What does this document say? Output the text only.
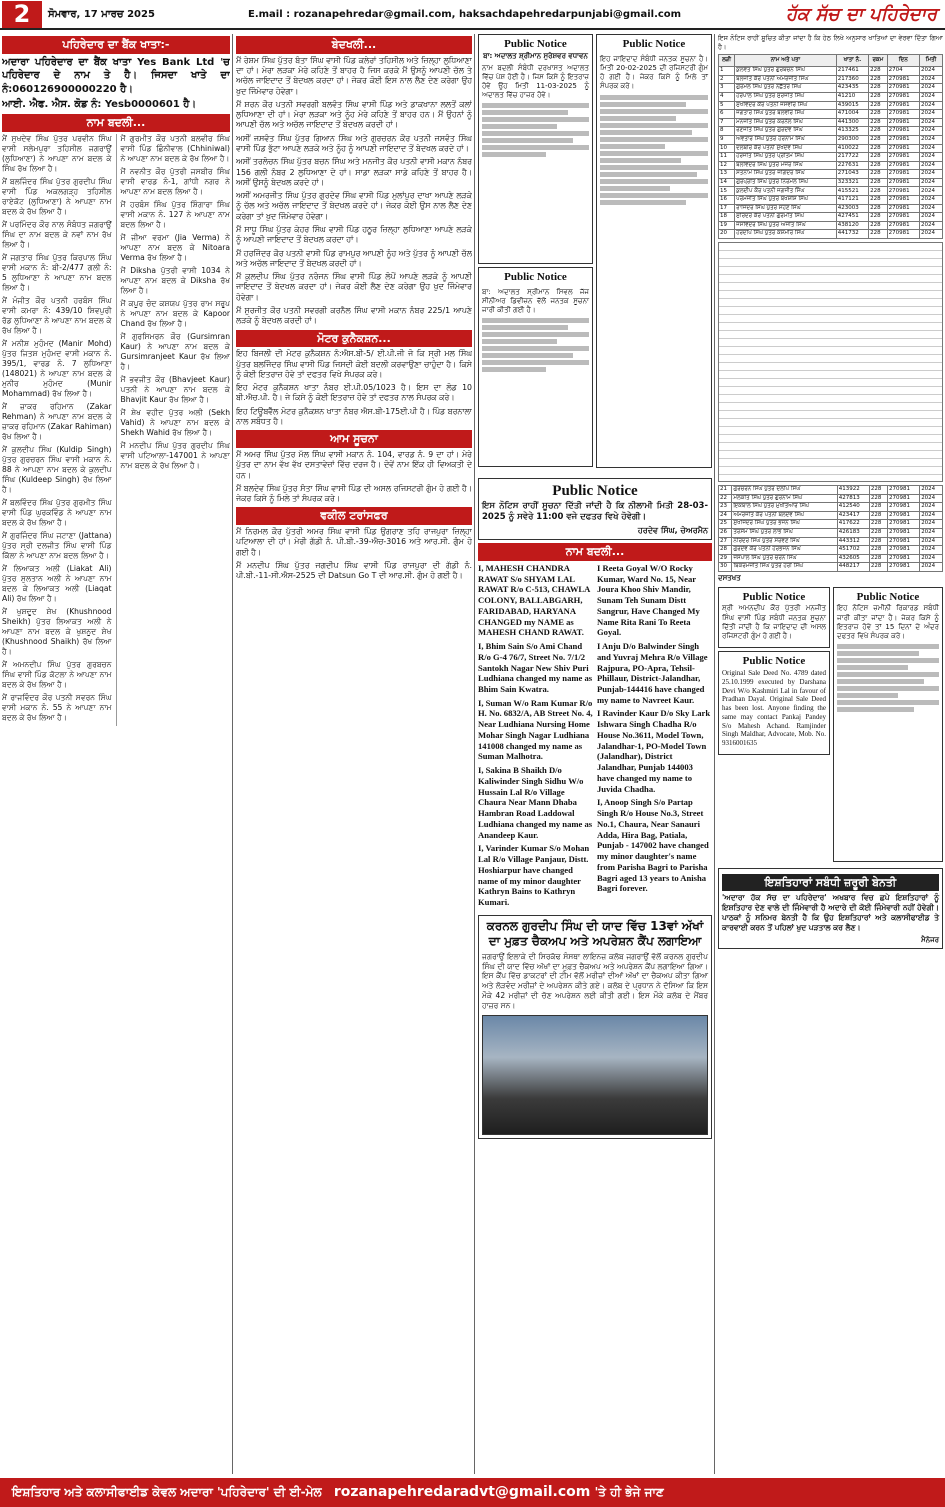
2	ਸੋਮਵਾਰ, 17 ਮਾਰਚ 2025	E.mail : rozanapehredar@gmail.com, haksachdapehredarpunjabi@gmail.com	ਹੱਕ ਸੱਚ ਦਾ ਪਹਿਰੇਦਾਰ
ਪਹਿਰੇਦਾਰ ਦਾ ਬੈਂਕ ਖਾਤਾ:-
ਅਦਾਰਾ ਪਹਿਰੇਦਾਰ ਦਾ ਬੈਂਕ ਖਾਤਾ Yes Bank Ltd 'ਚ ਪਹਿਰੇਦਾਰ ਦੇ ਨਾਮ ਤੇ ਹੈ। ਜਿਸਦਾ ਖਾਤੇ ਦਾ ਨੰ:060126900000220 ਹੈ।
ਆਈ. ਐਫ. ਐਸ. ਕੋਡ ਨੰ: Yesb0000601 ਹੈ।
ਨਾਮ ਬਦਲੀ...
ਮੈਂ ਸੁਖਦੇਵ ਸਿੰਘ ਪੁੱਤਰ ਪਰਵੀਨ ਸਿੰਘ ਵਾਸੀ ਸਲੇਮਪੁਰਾ ਤਹਿਸੀਲ ਜਗਰਾਉਂ (ਲੁਧਿਆਣਾ) ਨੇ ਆਪਣਾ ਨਾਮ ਬਦਲ ਕੇ ਸਿੰਘ ਰੱਖ ਲਿਆ ਹੈ।
ਮੈਂ ਬਲਜਿੰਦਰ ਸਿੰਘ ਪੁੱਤਰ ਗੁਰਦੀਪ ਸਿੰਘ ਵਾਸੀ ਪਿੰਡ ਅਕਲਗੜ੍ਹ ਤਹਿਸੀਲ ਰਾਏਕੋਟ (ਲੁਧਿਆਣਾ) ਨੇ ਆਪਣਾ ਨਾਮ ਬਦਲ ਕੇ ਰੱਖ ਲਿਆ ਹੈ।
ਮੈਂ ਪਰਮਿੰਦਰ ਕੌਰ ਨਾਲ ਸੰਬੰਧਤ ਜਗਰਾਉਂ ਸਿੰਘ ਦਾ ਨਾਮ ਬਦਲ ਕੇ ਨਵਾਂ ਨਾਮ ਰੱਖ ਲਿਆ ਹੈ।
ਮੈਂ ਜਗਤਾਰ ਸਿੰਘ ਪੁੱਤਰ ਕਿਰਪਾਲ ਸਿੰਘ ਵਾਸੀ ਮਕਾਨ ਨੰ: ਬੀ-2/477 ਗਲੀ ਨੰ: 5 ਲੁਧਿਆਣਾ ਨੇ ਆਪਣਾ ਨਾਮ ਬਦਲ ਲਿਆ ਹੈ।
ਮੈਂ ਮੰਜੀਤ ਕੌਰ ਪਤਨੀ ਹਰਬੰਸ ਸਿੰਘ ਵਾਸੀ ਕਮਰਾ ਨੰ: 439/10 ਸ਼ਿਵਪੁਰੀ ਰੋਡ ਲੁਧਿਆਣਾ ਨੇ ਆਪਣਾ ਨਾਮ ਬਦਲ ਕੇ ਰੱਖ ਲਿਆ ਹੈ।
ਮੈਂ ਮਨੀਸ਼ ਮੁਹੰਮਦ (Manir Mohd) ਪੁੱਤਰ ਜਿਤਸ਼ ਮੁਹੰਮਦ ਵਾਸੀ ਮਕਾਨ ਨੰ. 395/1, ਵਾਰਡ ਨੰ. 7 ਲੁਧਿਆਣਾ (148021) ਨੇ ਆਪਣਾ ਨਾਮ ਬਦਲ ਕੇ ਮੁਨੀਰ ਮੁਹੰਮਦ (Munir Mohammad) ਰੱਖ ਲਿਆ ਹੈ।
ਮੈਂ ਜ਼ਾਕਰ ਰਹਿਮਾਨ (Zakar Rehman) ਨੇ ਆਪਣਾ ਨਾਮ ਬਦਲ ਕੇ ਜ਼ਾਕਰ ਰਹਿਮਾਨ (Zakar Rahiman) ਰੱਖ ਲਿਆ ਹੈ।
ਮੈਂ ਕੁਲਦੀਪ ਸਿੰਘ (Kuldip Singh) ਪੁੱਤਰ ਗੁਰਚਰਨ ਸਿੰਘ ਵਾਸੀ ਮਕਾਨ ਨੰ. 88 ਨੇ ਆਪਣਾ ਨਾਮ ਬਦਲ ਕੇ ਕੁਲਦੀਪ ਸਿੰਘ (Kuldeep Singh) ਰੱਖ ਲਿਆ ਹੈ।
ਮੈਂ ਬਲਵਿੰਦਰ ਸਿੰਘ ਪੁੱਤਰ ਗੁਰਮੀਤ ਸਿੰਘ ਵਾਸੀ ਪਿੰਡ ਘੁਰਕਵਿੰਡ ਨੇ ਆਪਣਾ ਨਾਮ ਬਦਲ ਕੇ ਰੱਖ ਲਿਆ ਹੈ।
ਮੈਂ ਗੁਰਜਿੰਦਰ ਸਿੰਘ ਜਟਾਣਾ (Jattana) ਪੁੱਤਰ ਸ੍ਰੀ ਦਲਜੀਤ ਸਿੰਘ ਵਾਸੀ ਪਿੰਡ ਕਿੱਲਾ ਨੇ ਆਪਣਾ ਨਾਮ ਬਦਲ ਲਿਆ ਹੈ।
ਮੈਂ ਲਿਆਕਤ ਅਲੀ (Liakat Ali) ਪੁੱਤਰ ਸੁਲਤਾਨ ਅਲੀ ਨੇ ਆਪਣਾ ਨਾਮ ਬਦਲ ਕੇ ਲਿਆਕਤ ਅਲੀ (Liaqat Ali) ਰੱਖ ਲਿਆ ਹੈ।
ਮੈਂ ਖੁਸ਼ਦੂਦ ਸ਼ੇਖ (Khushnood Sheikh) ਪੁੱਤਰ ਲਿਆਕਤ ਅਲੀ ਨੇ ਆਪਣਾ ਨਾਮ ਬਦਲ ਕੇ ਖੁਸ਼ਨੂਦ ਸ਼ੇਖ (Khushnood Shaikh) ਰੱਖ ਲਿਆ ਹੈ।
ਮੈਂ ਅਮਨਦੀਪ ਸਿੰਘ ਪੁੱਤਰ ਗੁਰਬਚਨ ਸਿੰਘ ਵਾਸੀ ਪਿੰਡ ਕੋਟਲਾ ਨੇ ਆਪਣਾ ਨਾਮ ਬਦਲ ਕੇ ਰੱਖ ਲਿਆ ਹੈ।
ਮੈਂ ਰਾਜਵਿੰਦਰ ਕੌਰ ਪਤਨੀ ਸਵਰਨ ਸਿੰਘ ਵਾਸੀ ਮਕਾਨ ਨੰ. 55 ਨੇ ਆਪਣਾ ਨਾਮ ਬਦਲ ਕੇ ਰੱਖ ਲਿਆ ਹੈ।
ਮੈਂ ਗੁਰਮੀਤ ਕੌਰ ਪਤਨੀ ਬਲਵੀਰ ਸਿੰਘ ਵਾਸੀ ਪਿੰਡ ਛਿੰਨੀਵਾਲ (Chhiniwal) ਨੇ ਆਪਣਾ ਨਾਮ ਬਦਲ ਕੇ ਰੱਖ ਲਿਆ ਹੈ।
ਮੈਂ ਨਵਨੀਤ ਕੌਰ ਪੁੱਤਰੀ ਜਸਬੀਰ ਸਿੰਘ ਵਾਸੀ ਵਾਰਡ ਨੰ-1, ਗਾਂਧੀ ਨਗਰ ਨੇ ਆਪਣਾ ਨਾਮ ਬਦਲ ਲਿਆ ਹੈ।
ਮੈਂ ਹਰਬੰਸ ਸਿੰਘ ਪੁੱਤਰ ਸ਼ਿੰਗਾਰਾ ਸਿੰਘ ਵਾਸੀ ਮਕਾਨ ਨੰ. 127 ਨੇ ਆਪਣਾ ਨਾਮ ਬਦਲ ਲਿਆ ਹੈ।
ਮੈਂ ਜੀਆ ਵਰਮਾ (Jia Verma) ਨੇ ਆਪਣਾ ਨਾਮ ਬਦਲ ਕੇ Nitoara Verma ਰੱਖ ਲਿਆ ਹੈ।
ਮੈਂ Diksha ਪੁੱਤਰੀ ਵਾਸੀ 1034 ਨੇ ਆਪਣਾ ਨਾਮ ਬਦਲ ਕੇ Diksha ਰੱਖ ਲਿਆ ਹੈ।
ਮੈਂ ਕਪੂਰ ਚੰਦ ਕਸ਼ਯਪ ਪੁੱਤਰ ਰਾਮ ਸਰੂਪ ਨੇ ਆਪਣਾ ਨਾਮ ਬਦਲ ਕੇ Kapoor Chand ਰੱਖ ਲਿਆ ਹੈ।
ਮੈਂ ਗੁਰਸਿਮਰਨ ਕੌਰ (Gursimran Kaur) ਨੇ ਆਪਣਾ ਨਾਮ ਬਦਲ ਕੇ Gursimranjeet Kaur ਰੱਖ ਲਿਆ ਹੈ।
ਮੈਂ ਭਵਜੀਤ ਕੌਰ (Bhavjeet Kaur) ਪਤਨੀ ਨੇ ਆਪਣਾ ਨਾਮ ਬਦਲ ਕੇ Bhavjit Kaur ਰੱਖ ਲਿਆ ਹੈ।
ਮੈਂ ਸ਼ੇਖ ਵਹੀਦ ਪੁੱਤਰ ਅਲੀ (Sekh Vahid) ਨੇ ਆਪਣਾ ਨਾਮ ਬਦਲ ਕੇ Shekh Wahid ਰੱਖ ਲਿਆ ਹੈ।
ਮੈਂ ਮਨਦੀਪ ਸਿੰਘ ਪੁੱਤਰ ਗੁਰਦੀਪ ਸਿੰਘ ਵਾਸੀ ਪਟਿਆਲਾ-147001 ਨੇ ਆਪਣਾ ਨਾਮ ਬਦਲ ਕੇ ਰੱਖ ਲਿਆ ਹੈ।
ਬੇਦਖਲੀ...
ਮੈਂ ਰੇਸ਼ਮ ਸਿੰਘ ਪੁੱਤਰ ਬੰਤਾ ਸਿੰਘ ਵਾਸੀ ਪਿੰਡ ਕਲੇਰਾਂ ਤਹਿਸੀਲ ਅਤੇ ਜ਼ਿਲ੍ਹਾ ਲੁਧਿਆਣਾ ਦਾ ਹਾਂ। ਮੇਰਾ ਲੜਕਾ ਮੇਰੇ ਕਹਿਣੇ ਤੋਂ ਬਾਹਰ ਹੈ ਜਿਸ ਕਰਕੇ ਮੈਂ ਉਸਨੂੰ ਆਪਣੀ ਚੱਲ ਤੇ ਅਚੱਲ ਜਾਇਦਾਦ ਤੋਂ ਬੇਦਖਲ ਕਰਦਾ ਹਾਂ। ਜੇਕਰ ਕੋਈ ਇਸ ਨਾਲ ਲੈਣ ਦੇਣ ਕਰੇਗਾ ਉਹ ਖੁਦ ਜਿੰਮੇਵਾਰ ਹੋਵੇਗਾ।
ਮੈਂ ਸ਼ਰਨ ਕੌਰ ਪਤਨੀ ਸਵਰਗੀ ਬਲਵੰਤ ਸਿੰਘ ਵਾਸੀ ਪਿੰਡ ਅਤੇ ਡਾਕਖਾਨਾ ਲਲਤੋਂ ਕਲਾਂ ਲੁਧਿਆਣਾ ਦੀ ਹਾਂ। ਮੇਰਾ ਲੜਕਾ ਅਤੇ ਨੂੰਹ ਮੇਰੇ ਕਹਿਣੇ ਤੋਂ ਬਾਹਰ ਹਨ। ਮੈਂ ਉਹਨਾਂ ਨੂੰ ਆਪਣੀ ਚੱਲ ਅਤੇ ਅਚੱਲ ਜਾਇਦਾਦ ਤੋਂ ਬੇਦਖਲ ਕਰਦੀ ਹਾਂ।
ਅਸੀਂ ਜਸਵੰਤ ਸਿੰਘ ਪੁੱਤਰ ਗਿਆਨ ਸਿੰਘ ਅਤੇ ਗੁਰਚਰਨ ਕੌਰ ਪਤਨੀ ਜਸਵੰਤ ਸਿੰਘ ਵਾਸੀ ਪਿੰਡ ਭੁੱਟਾ ਆਪਣੇ ਲੜਕੇ ਅਤੇ ਨੂੰਹ ਨੂੰ ਆਪਣੀ ਜਾਇਦਾਦ ਤੋਂ ਬੇਦਖਲ ਕਰਦੇ ਹਾਂ।
ਅਸੀਂ ਤਰਲੋਚਨ ਸਿੰਘ ਪੁੱਤਰ ਬਚਨ ਸਿੰਘ ਅਤੇ ਮਨਜੀਤ ਕੌਰ ਪਤਨੀ ਵਾਸੀ ਮਕਾਨ ਨੰਬਰ 156 ਗਲੀ ਨੰਬਰ 2 ਲੁਧਿਆਣਾ ਦੇ ਹਾਂ। ਸਾਡਾ ਲੜਕਾ ਸਾਡੇ ਕਹਿਣੇ ਤੋਂ ਬਾਹਰ ਹੈ। ਅਸੀਂ ਉਸਨੂੰ ਬੇਦਖਲ ਕਰਦੇ ਹਾਂ।
ਅਸੀਂ ਅਮਰਜੀਤ ਸਿੰਘ ਪੁੱਤਰ ਗੁਰਦੇਵ ਸਿੰਘ ਵਾਸੀ ਪਿੰਡ ਮੁਲਾਂਪੁਰ ਦਾਖਾ ਆਪਣੇ ਲੜਕੇ ਨੂੰ ਚੱਲ ਅਤੇ ਅਚੱਲ ਜਾਇਦਾਦ ਤੋਂ ਬੇਦਖਲ ਕਰਦੇ ਹਾਂ। ਜੇਕਰ ਕੋਈ ਉਸ ਨਾਲ ਲੈਣ ਦੇਣ ਕਰੇਗਾ ਤਾਂ ਖੁਦ ਜਿੰਮੇਵਾਰ ਹੋਵੇਗਾ।
ਮੈਂ ਸਾਧੂ ਸਿੰਘ ਪੁੱਤਰ ਕੇਹਰ ਸਿੰਘ ਵਾਸੀ ਪਿੰਡ ਹਠੂਰ ਜ਼ਿਲ੍ਹਾ ਲੁਧਿਆਣਾ ਆਪਣੇ ਲੜਕੇ ਨੂੰ ਆਪਣੀ ਜਾਇਦਾਦ ਤੋਂ ਬੇਦਖਲ ਕਰਦਾ ਹਾਂ।
ਮੈਂ ਹਰਜਿੰਦਰ ਕੌਰ ਪਤਨੀ ਵਾਸੀ ਪਿੰਡ ਰਾਮਪੁਰ ਆਪਣੀ ਨੂੰਹ ਅਤੇ ਪੁੱਤਰ ਨੂੰ ਆਪਣੀ ਚੱਲ ਅਤੇ ਅਚੱਲ ਜਾਇਦਾਦ ਤੋਂ ਬੇਦਖਲ ਕਰਦੀ ਹਾਂ।
ਮੈਂ ਕੁਲਦੀਪ ਸਿੰਘ ਪੁੱਤਰ ਨਰੰਜਨ ਸਿੰਘ ਵਾਸੀ ਪਿੰਡ ਲੋਪੋਂ ਆਪਣੇ ਲੜਕੇ ਨੂੰ ਆਪਣੀ ਜਾਇਦਾਦ ਤੋਂ ਬੇਦਖਲ ਕਰਦਾ ਹਾਂ। ਜੇਕਰ ਕੋਈ ਲੈਣ ਦੇਣ ਕਰੇਗਾ ਉਹ ਖੁਦ ਜਿੰਮੇਵਾਰ ਹੋਵੇਗਾ।
ਮੈਂ ਸੁਰਜੀਤ ਕੌਰ ਪਤਨੀ ਸਵਰਗੀ ਕਰਨੈਲ ਸਿੰਘ ਵਾਸੀ ਮਕਾਨ ਨੰਬਰ 225/1 ਆਪਣੇ ਲੜਕੇ ਨੂੰ ਬੇਦਖਲ ਕਰਦੀ ਹਾਂ।
ਮੋਟਰ ਕੁਨੈਕਸ਼ਨ...
ਇਹ ਬਿਜਲੀ ਦੀ ਮੋਟਰ ਕੁਨੈਕਸ਼ਨ ਨੰ:ਐਸ.ਬੀ-5/ ਈ.ਪੀ.ਜੀ ਜੋ ਕਿ ਸ੍ਰੀ ਮਲ ਸਿੰਘ ਪੁੱਤਰ ਬਲਜਿੰਦਰ ਸਿੰਘ ਵਾਸੀ ਪਿੰਡ ਜਿਸਦੀ ਕੋਈ ਬਦਲੀ ਕਰਵਾਉਣਾ ਚਾਹੁੰਦਾ ਹੈ। ਕਿਸੇ ਨੂੰ ਕੋਈ ਇਤਰਾਜ਼ ਹੋਵੇ ਤਾਂ ਦਫਤਰ ਵਿਖੇ ਸੰਪਰਕ ਕਰੇ।
ਇਹ ਮੋਟਰ ਕੁਨੈਕਸ਼ਨ ਖਾਤਾ ਨੰਬਰ ਈ.ਪੀ.05/1023 ਹੈ। ਇਸ ਦਾ ਲੋਡ 10 ਬੀ.ਐਚ.ਪੀ. ਹੈ। ਜੇ ਕਿਸੇ ਨੂੰ ਕੋਈ ਇਤਰਾਜ਼ ਹੋਵੇ ਤਾਂ ਦਫਤਰ ਨਾਲ ਸੰਪਰਕ ਕਰੇ।
ਇਹ ਟਿਊਬਵੈੱਲ ਮੋਟਰ ਕੁਨੈਕਸ਼ਨ ਖਾਤਾ ਨੰਬਰ ਐਸ.ਬੀ-175ਈ.ਪੀ ਹੈ। ਪਿੰਡ ਬਰਨਾਲਾ ਨਾਲ ਸਬੰਧਤ ਹੈ।
ਆਮ ਸੂਚਨਾ
ਮੈਂ ਅਮਰ ਸਿੰਘ ਪੁੱਤਰ ਮੱਲ ਸਿੰਘ ਵਾਸੀ ਮਕਾਨ ਨੰ. 104, ਵਾਰਡ ਨੰ. 9 ਦਾ ਹਾਂ। ਮੇਰੇ ਪੁੱਤਰ ਦਾ ਨਾਮ ਵੱਖ ਵੱਖ ਦਸਤਾਵੇਜ਼ਾਂ ਵਿੱਚ ਦਰਜ ਹੈ। ਦੋਵੇਂ ਨਾਮ ਇੱਕ ਹੀ ਵਿਅਕਤੀ ਦੇ ਹਨ।
ਮੈਂ ਬਲਦੇਵ ਸਿੰਘ ਪੁੱਤਰ ਸੰਤਾ ਸਿੰਘ ਵਾਸੀ ਪਿੰਡ ਦੀ ਅਸਲ ਰਜਿਸਟਰੀ ਗੁੰਮ ਹੋ ਗਈ ਹੈ। ਜੇਕਰ ਕਿਸੇ ਨੂੰ ਮਿਲੇ ਤਾਂ ਸੰਪਰਕ ਕਰੇ।
ਵਕੀਲ ਟਰਾਂਸਫਰ
ਮੈਂ ਨਿਰਮਲ ਕੌਰ ਪੁੱਤਰੀ ਅਮਰ ਸਿੰਘ ਵਾਸੀ ਪਿੰਡ ਉਗਰਾਣ ਤਹਿ ਰਾਜਪੁਰਾ ਜ਼ਿਲ੍ਹਾ ਪਟਿਆਲਾ ਦੀ ਹਾਂ। ਮੇਰੀ ਗੱਡੀ ਨੰ. ਪੀ.ਬੀ.-39-ਐਚ-3016 ਅਤੇ ਆਰ.ਸੀ. ਗੁੰਮ ਹੋ ਗਈ ਹੈ।
ਮੈਂ ਮਨਦੀਪ ਸਿੰਘ ਪੁੱਤਰ ਜਗਦੀਪ ਸਿੰਘ ਵਾਸੀ ਪਿੰਡ ਰਾਜਪੁਰਾ ਦੀ ਗੱਡੀ ਨੰ. ਪੀ.ਬੀ.-11-ਸੀ.ਐਸ-2525 ਦੀ Datsun Go T ਦੀ ਆਰ.ਸੀ. ਗੁੰਮ ਹੋ ਗਈ ਹੈ।
Public Notice
ਬਾ: ਅਦਾਲਤ ਸ਼੍ਰੀਮਾਨ ਸੁਰੇਸ਼ਵਰ ਵਧਾਵਨ
ਨਾਮ ਬਦਲੀ ਸੰਬੰਧੀ ਦਰਖਾਸਤ ਅਦਾਲਤ ਵਿੱਚ ਪੇਸ਼ ਹੋਈ ਹੈ। ਜਿਸ ਕਿਸੇ ਨੂੰ ਇਤਰਾਜ਼ ਹੋਵੇ ਉਹ ਮਿਤੀ 11-03-2025 ਨੂੰ ਅਦਾਲਤ ਵਿੱਚ ਹਾਜ਼ਰ ਹੋਵੇ।
Public Notice
ਬਾ: ਅਦਾਲਤ ਸ੍ਰੀਮਾਨ ਸਿਵਲ ਜੱਜ ਸੀਨੀਅਰ ਡਿਵੀਜ਼ਨ ਵੱਲੋਂ ਜਨਤਕ ਸੂਚਨਾ ਜਾਰੀ ਕੀਤੀ ਗਈ ਹੈ।
Public Notice
ਇਹ ਜਾਇਦਾਦ ਸੰਬੰਧੀ ਜਨਤਕ ਸੂਚਨਾ ਹੈ। ਮਿਤੀ 20-02-2025 ਦੀ ਰਜਿਸਟਰੀ ਗੁੰਮ ਹੋ ਗਈ ਹੈ। ਜੇਕਰ ਕਿਸੇ ਨੂੰ ਮਿਲੇ ਤਾਂ ਸੰਪਰਕ ਕਰੇ।
Public Notice
ਇਸ ਨੋਟਿਸ ਰਾਹੀਂ ਸੂਚਨਾ ਦਿੱਤੀ ਜਾਂਦੀ ਹੈ ਕਿ ਨੀਲਾਮੀ ਮਿਤੀ 28-03-2025 ਨੂੰ ਸਵੇਰੇ 11:00 ਵਜੇ ਦਫਤਰ ਵਿਖੇ ਹੋਵੇਗੀ।
ਹਰਦੇਵ ਸਿੰਘ, ਚੇਅਰਮੈਨ
ਨਾਮ ਬਦਲੀ...
I, MAHESH CHANDRA RAWAT S/o SHYAM LAL RAWAT R/o C-513, CHAWLA COLONY, BALLABGARH, FARIDABAD, HARYANA CHANGED my NAME as MAHESH CHAND RAWAT.
I, Bhim Sain S/o Ami Chand R/o G-4 76/7, Street No. 7/1/2 Santokh Nagar New Shiv Puri Ludhiana changed my name as Bhim Sain Kwatra.
I, Suman W/o Ram Kumar R/o H. No. 6832/A, AB Street No. 4, Near Ludhiana Nursing Home Mohar Singh Nagar Ludhiana 141008 changed my name as Suman Malhotra.
I, Sakina B Shaikh D/o Kaliwinder Singh Sidhu W/o Hussain Lal R/o Village Chaura Near Mann Dhaba Hambran Road Laddowal Ludhiana changed my name as Anandeep Kaur.
I, Varinder Kumar S/o Mohan Lal R/o Village Panjaur, Distt. Hoshiarpur have changed name of my minor daughter Kathryn Bains to Kathryn Kumari.
I Reeta Goyal W/O Rocky Kumar, Ward No. 15, Near Joura Khoo Shiv Mandir, Sunam Teh Sunam Distt Sangrur, Have Changed My Name Rita Rani To Reeta Goyal.
I Anju D/o Balwinder Singh and Yuvraj Mehra R/o Village Rajpura, PO-Apra, Tehsil-Phillaur, District-Jalandhar, Punjab-144416 have changed my name to Navreet Kaur.
I Ravinder Kaur D/o Sky Lark Ishwara Singh Chadha R/o House No.3611, Model Town, Jalandhar-1, PO-Model Town (Jalandhar), District Jalandhar, Punjab 144003 have changed my name to Juvida Chadha.
I, Anoop Singh S/o Partap Singh R/o House No.3, Street No.1, Chaura, Near Sanauri Adda, Hira Bag, Patiala, Punjab - 147002 have changed my minor daughter's name from Parisha Bagri to Parisha Bagri aged 13 years to Anisha Bagri forever.
ਕਰਨਲ ਗੁਰਦੀਪ ਸਿੰਘ ਦੀ ਯਾਦ ਵਿੱਚ 13ਵਾਂ ਅੱਖਾਂ ਦਾ ਮੁਫ਼ਤ ਚੈਕਅਪ ਅਤੇ ਅਪਰੇਸ਼ਨ ਕੈਂਪ ਲਗਾਇਆ
ਜਗਰਾਉਂ ਇਲਾਕੇ ਦੀ ਸਿਰਕੱਢ ਸੰਸਥਾ ਲਾਇਨਜ਼ ਕਲੱਬ ਜਗਰਾਉਂ ਵੱਲੋਂ ਕਰਨਲ ਗੁਰਦੀਪ ਸਿੰਘ ਦੀ ਯਾਦ ਵਿੱਚ ਅੱਖਾਂ ਦਾ ਮੁਫ਼ਤ ਚੈਕਅਪ ਅਤੇ ਅਪਰੇਸ਼ਨ ਕੈਂਪ ਲਗਾਇਆ ਗਿਆ। ਇਸ ਕੈਂਪ ਵਿੱਚ ਡਾਕਟਰਾਂ ਦੀ ਟੀਮ ਵੱਲੋਂ ਮਰੀਜ਼ਾਂ ਦੀਆਂ ਅੱਖਾਂ ਦਾ ਚੈਕਅਪ ਕੀਤਾ ਗਿਆ ਅਤੇ ਲੋੜਵੰਦ ਮਰੀਜ਼ਾਂ ਦੇ ਅਪਰੇਸ਼ਨ ਕੀਤੇ ਗਏ। ਕਲੱਬ ਦੇ ਪ੍ਰਧਾਨ ਨੇ ਦੱਸਿਆ ਕਿ ਇਸ ਮੌਕੇ 42 ਮਰੀਜ਼ਾਂ ਦੀ ਚੋਣ ਅਪਰੇਸ਼ਨ ਲਈ ਕੀਤੀ ਗਈ। ਇਸ ਮੌਕੇ ਕਲੱਬ ਦੇ ਮੈਂਬਰ ਹਾਜ਼ਰ ਸਨ।
ਇਸ ਨੋਟਿਸ ਰਾਹੀਂ ਸੂਚਿਤ ਕੀਤਾ ਜਾਂਦਾ ਹੈ ਕਿ ਹੇਠ ਲਿਖੇ ਅਨੁਸਾਰ ਖਾਤਿਆਂ ਦਾ ਵੇਰਵਾ ਦਿੱਤਾ ਗਿਆ ਹੈ।
ਲੜੀ	ਨਾਮ ਅਤੇ ਪਤਾ	ਖਾਤਾ ਨੰ.	ਰਕਮ	ਦਿਨ	ਮਿਤੀ
1	ਕੁਲਵੰਤ ਸਿੰਘ ਪੁੱਤਰ ਗੁਰਬਚਨ ਸਿੰਘ	217461	228	2704	2024
2	ਬਲਜੀਤ ਕੌਰ ਪਤਨੀ ਅਮਰਜੀਤ ਸਿੰਘ	217360	228	270981	2024
3	ਗੁਰਮੇਲ ਸਿੰਘ ਪੁੱਤਰ ਨਛੱਤਰ ਸਿੰਘ	423435	228	270981	2024
4	ਹਰਪਾਲ ਸਿੰਘ ਪੁੱਤਰ ਸੁਰਜੀਤ ਸਿੰਘ	41210	228	270981	2024
5	ਸੁਖਵਿੰਦਰ ਕੌਰ ਪਤਨੀ ਜਸਵੀਰ ਸਿੰਘ	439015	228	270981	2024
6	ਜਗਤਾਰ ਸਿੰਘ ਪੁੱਤਰ ਬਲਵੀਰ ਸਿੰਘ	471004	228	270981	2024
7	ਮਨਜੀਤ ਸਿੰਘ ਪੁੱਤਰ ਕਰਨੈਲ ਸਿੰਘ	441300	228	270981	2024
8	ਰਣਜੀਤ ਸਿੰਘ ਪੁੱਤਰ ਗੁਰਦੇਵ ਸਿੰਘ	413325	228	270981	2024
9	ਅਵਤਾਰ ਸਿੰਘ ਪੁੱਤਰ ਹਰਨਾਮ ਸਿੰਘ	290300	228	270981	2024
10	ਦਲਬੀਰ ਕੌਰ ਪਤਨੀ ਸੁਖਦੇਵ ਸਿੰਘ	410022	228	270981	2024
11	ਹਰਜੀਤ ਸਿੰਘ ਪੁੱਤਰ ਪ੍ਰੀਤਮ ਸਿੰਘ	217722	228	270981	2024
12	ਬਲਵਿੰਦਰ ਸਿੰਘ ਪੁੱਤਰ ਮੇਜਰ ਸਿੰਘ	227631	228	270981	2024
13	ਸਤਨਾਮ ਸਿੰਘ ਪੁੱਤਰ ਜੋਗਿੰਦਰ ਸਿੰਘ	271043	228	270981	2024
14	ਗੁਰਪ੍ਰੀਤ ਸਿੰਘ ਪੁੱਤਰ ਨਿਰਮਲ ਸਿੰਘ	323321	228	270981	2024
15	ਕੁਲਦੀਪ ਕੌਰ ਪਤਨੀ ਜਗਜੀਤ ਸਿੰਘ	415521	228	270981	2024
16	ਪਰਮਜੀਤ ਸਿੰਘ ਪੁੱਤਰ ਬਖਸ਼ੀਸ਼ ਸਿੰਘ	417121	228	270981	2024
17	ਰਾਜਿੰਦਰ ਸਿੰਘ ਪੁੱਤਰ ਸੋਹਣ ਸਿੰਘ	423003	228	270981	2024
18	ਸੁਰਿੰਦਰ ਕੌਰ ਪਤਨੀ ਗੁਰਮੀਤ ਸਿੰਘ	427451	228	270981	2024
19	ਜਸਵਿੰਦਰ ਸਿੰਘ ਪੁੱਤਰ ਅਜੀਤ ਸਿੰਘ	438120	228	270981	2024
20	ਹਰਦੀਪ ਸਿੰਘ ਪੁੱਤਰ ਕਸ਼ਮੀਰ ਸਿੰਘ	441732	228	270981	2024
21	ਗੁਰਚਰਨ ਸਿੰਘ ਪੁੱਤਰ ਦਲੀਪ ਸਿੰਘ	413922	228	270981	2024
22	ਮਲਕੀਤ ਸਿੰਘ ਪੁੱਤਰ ਗੁਰਨਾਮ ਸਿੰਘ	427813	228	270981	2024
23	ਇਕਬਾਲ ਸਿੰਘ ਪੁੱਤਰ ਮੁਖਤਿਆਰ ਸਿੰਘ	412540	228	270981	2024
24	ਅਮਰਜੀਤ ਕੌਰ ਪਤਨੀ ਬਲਦੇਵ ਸਿੰਘ	423417	228	270981	2024
25	ਸੁਖਜਿੰਦਰ ਸਿੰਘ ਪੁੱਤਰ ਭਜਨ ਸਿੰਘ	417622	228	270981	2024
26	ਤਰਸੇਮ ਸਿੰਘ ਪੁੱਤਰ ਲਾਭ ਸਿੰਘ	426183	228	270981	2024
27	ਨਰਿੰਦਰ ਸਿੰਘ ਪੁੱਤਰ ਸਰਵਣ ਸਿੰਘ	443312	228	270981	2024
28	ਗੁਰਦੇਵ ਕੌਰ ਪਤਨੀ ਹਰਭਜਨ ਸਿੰਘ	451702	228	270981	2024
29	ਜਸਪਾਲ ਸਿੰਘ ਪੁੱਤਰ ਚਰਨ ਸਿੰਘ	432605	228	270981	2024
30	ਬਿਕਰਮਜੀਤ ਸਿੰਘ ਪੁੱਤਰ ਹਰੀ ਸਿੰਘ	448217	228	270981	2024
ਦਸਤਖਤ
Public Notice
ਸ਼੍ਰੀ ਅਮਨਦੀਪ ਕੌਰ ਪੁੱਤਰੀ ਮਨਜੀਤ ਸਿੰਘ ਵਾਸੀ ਪਿੰਡ ਸਬੰਧੀ ਜਨਤਕ ਸੂਚਨਾ ਦਿੱਤੀ ਜਾਂਦੀ ਹੈ ਕਿ ਜਾਇਦਾਦ ਦੀ ਅਸਲ ਰਜਿਸਟਰੀ ਗੁੰਮ ਹੋ ਗਈ ਹੈ।
Public Notice
Original Sale Deed No. 4789 dated 25.10.1999 executed by Darshana Devi W/o Kashmiri Lal in favour of Pradhan Dayal. Original Sale Deed has been lost. Anyone finding the same may contact Pankaj Pandey S/o Mahesh Achand. Ramjinder Singh Maldhar, Advocate, Mob. No. 9316001635
Public Notice
ਇਹ ਨੋਟਿਸ ਜ਼ਮੀਨੀ ਰਿਕਾਰਡ ਸਬੰਧੀ ਜਾਰੀ ਕੀਤਾ ਜਾਂਦਾ ਹੈ। ਜੇਕਰ ਕਿਸੇ ਨੂੰ ਇਤਰਾਜ਼ ਹੋਵੇ ਤਾਂ 15 ਦਿਨਾਂ ਦੇ ਅੰਦਰ ਦਫਤਰ ਵਿਖੇ ਸੰਪਰਕ ਕਰੇ।
ਇਸ਼ਤਿਹਾਰਾਂ ਸਬੰਧੀ ਜ਼ਰੂਰੀ ਬੇਨਤੀ
'ਅਦਾਰਾ ਹੱਕ ਸੱਚ ਦਾ ਪਹਿਰੇਦਾਰ' ਅਖਬਾਰ ਵਿਚ ਛਪੇ ਇਸ਼ਤਿਹਾਰਾਂ ਨੂੰ ਇਸ਼ਤਿਹਾਰ ਦੇਣ ਵਾਲੇ ਦੀ ਜਿੰਮੇਵਾਰੀ ਹੈ ਅਦਾਰੇ ਦੀ ਕੋਈ ਜਿੰਮੇਵਾਰੀ ਨਹੀਂ ਹੋਵੇਗੀ। ਪਾਠਕਾਂ ਨੂੰ ਸਨਿਮਰ ਬੇਨਤੀ ਹੈ ਕਿ ਉਹ ਇਸ਼ਤਿਹਾਰਾਂ ਅਤੇ ਕਲਾਸੀਫਾਈਡ ਤੇ ਕਾਰਵਾਈ ਕਰਨ ਤੋਂ ਪਹਿਲਾਂ ਖੁਦ ਪੜਤਾਲ ਕਰ ਲੈਣ।
ਮੈਨੇਜਰ
ਇਸ਼ਤਿਹਾਰ ਅਤੇ ਕਲਾਸੀਫਾਈਡ ਕੇਵਲ ਅਦਾਰਾ 'ਪਹਿਰੇਦਾਰ' ਦੀ ਈ-ਮੇਲ rozanapehredaradvt@gmail.com 'ਤੇ ਹੀ ਭੇਜੇ ਜਾਣ
